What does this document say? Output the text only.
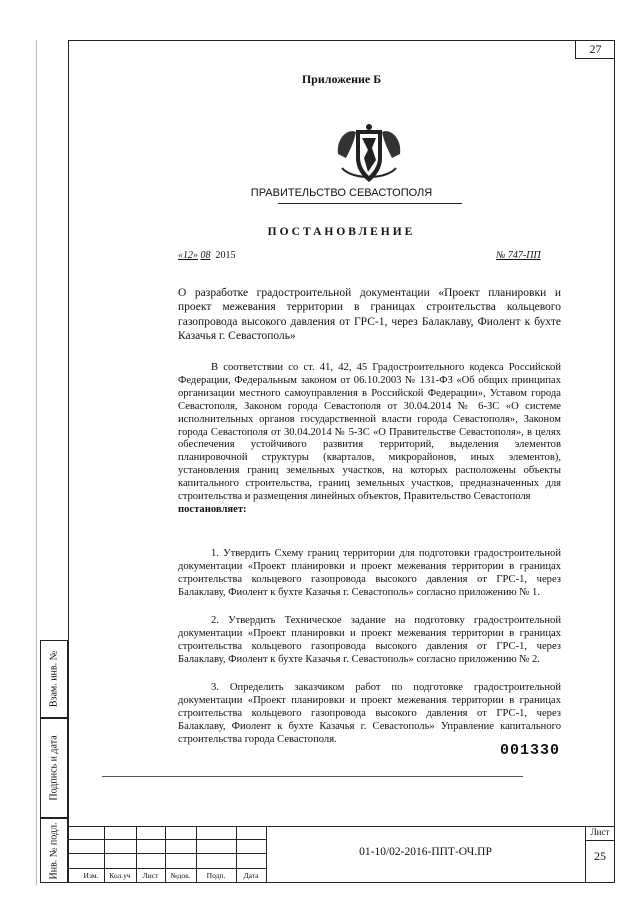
27
Приложение Б
ПРАВИТЕЛЬСТВО СЕВАСТОПОЛЯ
ПОСТАНОВЛЕНИЕ
«12» 08 2015	№ 747-ПП
О разработке градостроительной документации «Проект планировки и проект межевания территории в границах строительства кольцевого газопровода высокого давления от ГРС-1, через Балаклаву, Фиолент к бухте Казачья г. Севастополь»
В соответствии со ст. 41, 42, 45 Градостроительного кодекса Российской Федерации, Федеральным законом от 06.10.2003 № 131-ФЗ «Об общих принципах организации местного самоуправления в Российской Федерации», Уставом города Севастополя, Законом города Севастополя от 30.04.2014 № 6-ЗС «О системе исполнительных органов государственной власти города Севастополя», Законом города Севастополя от 30.04.2014 № 5-ЗС «О Правительстве Севастополя», в целях обеспечения устойчивого развития территорий, выделения элементов планировочной структуры (кварталов, микрорайонов, иных элементов), установления границ земельных участков, на которых расположены объекты капитального строительства, границ земельных участков, предназначенных для строительства и размещения линейных объектов, Правительство Севастополя
постановляет:
1. Утвердить Схему границ территории для подготовки градостроительной документации «Проект планировки и проект межевания территории в границах строительства кольцевого газопровода высокого давления от ГРС-1, через Балаклаву, Фиолент к бухте Казачья г. Севастополь» согласно приложению № 1.
2. Утвердить Техническое задание на подготовку градостроительной документации «Проект планировки и проект межевания территории в границах строительства кольцевого газопровода высокого давления от ГРС-1, через Балаклаву, Фиолент к бухте Казачья г. Севастополь» согласно приложению № 2.
3. Определить заказчиком работ по подготовке градостроительной документации «Проект планировки и проект межевания территории в границах строительства кольцевого газопровода высокого давления от ГРС-1, через Балаклаву, Фиолент к бухте Казачья г. Севастополь» Управление капитального строительства города Севастополя.
001330
Взам. инв. №
Подпись и дата
Инв. № подл.	Изм.	Кол.уч	Лист	№док.	Подп.	Дата
01-10/02-2016-ППТ-ОЧ.ПР
Лист
25
